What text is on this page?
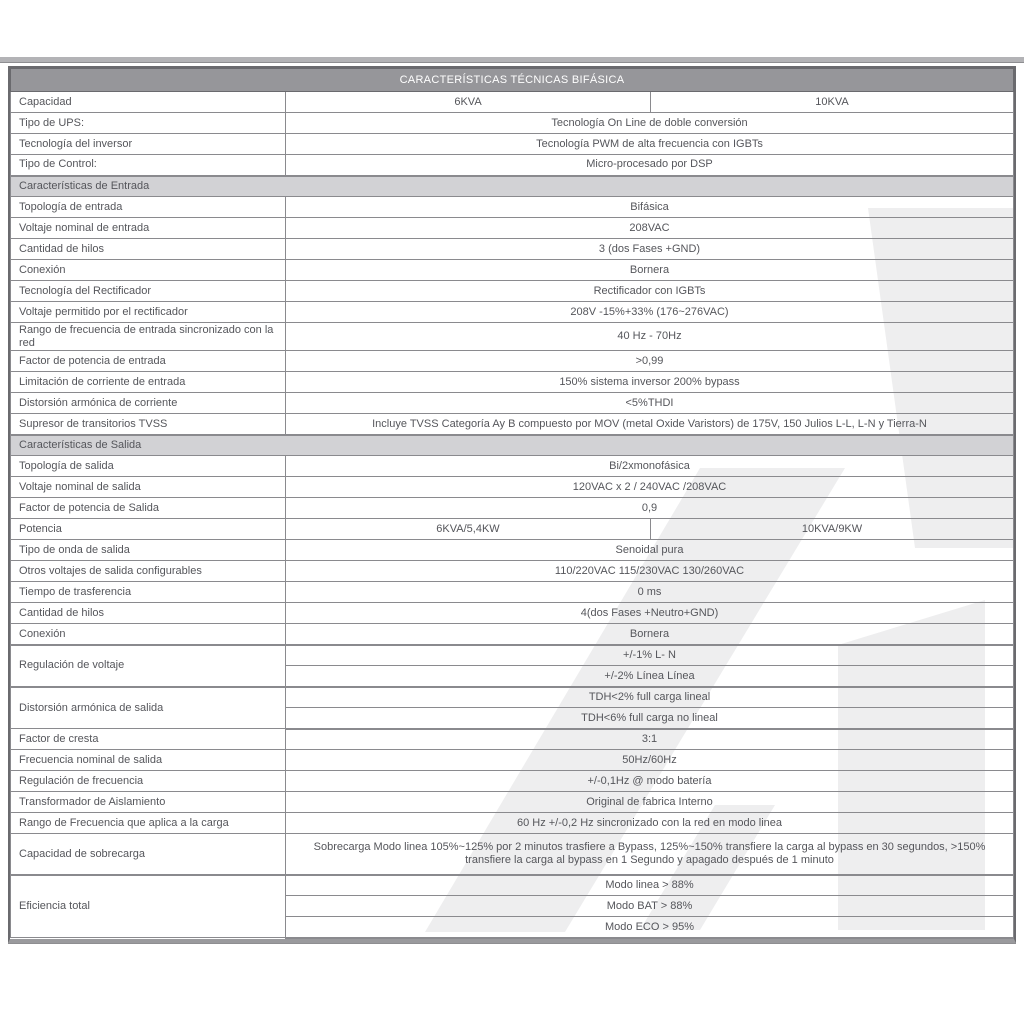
CARACTERÍSTICAS TÉCNICAS BIFÁSICA		
Capacidad	6KVA	10KVA
Tipo de UPS:	Tecnología On Line de doble conversión	
Tecnología del inversor	Tecnología PWM de alta frecuencia con IGBTs	
Tipo de Control:	Micro-procesado por DSP	
Características de Entrada		
Topología de entrada	Bifásica	
Voltaje nominal de entrada	208VAC	
Cantidad de hilos	3 (dos Fases +GND)	
Conexión	Bornera	
Tecnología del Rectificador	Rectificador con IGBTs	
Voltaje permitido por el rectificador	208V -15%+33% (176~276VAC)	
Rango de frecuencia de entrada sincronizado con la red	40 Hz - 70Hz	
Factor de potencia de entrada	>0,99	
Limitación de corriente de entrada	150% sistema inversor 200% bypass	
Distorsión armónica de corriente	<5%THDI	
Supresor de transitorios TVSS	Incluye TVSS Categoría Ay B compuesto por MOV (metal Oxide Varistors) de 175V, 150 Julios L-L, L-N y Tierra-N	
Características de Salida		
Topología de salida	Bi/2xmonofásica	
Voltaje nominal de salida	120VAC x 2 / 240VAC /208VAC	
Factor de potencia de Salida	0,9	
Potencia	6KVA/5,4KW	10KVA/9KW
Tipo de onda de salida	Senoidal pura	
Otros voltajes de salida configurables	110/220VAC 115/230VAC 130/260VAC	
Tiempo de trasferencia	0 ms	
Cantidad de hilos	4(dos Fases +Neutro+GND)	
Conexión	Bornera	
Regulación de voltaje	+/-1% L- N	
	+/-2% Línea Línea	
Distorsión armónica de salida	TDH<2% full carga lineal	
	TDH<6% full carga no lineal	
Factor de cresta	3:1	
Frecuencia nominal de salida	50Hz/60Hz	
Regulación de frecuencia	+/-0,1Hz @ modo batería	
Transformador de Aislamiento	Original de fabrica Interno	
Rango de Frecuencia que aplica a la carga	60 Hz +/-0,2 Hz sincronizado con la red en modo linea	
Capacidad de sobrecarga	Sobrecarga Modo linea 105%~125% por 2 minutos trasfiere a Bypass, 125%~150% transfiere la carga al bypass en 30 segundos, >150% transfiere la carga al bypass en 1 Segundo y apagado después de 1 minuto	
Eficiencia total	Modo linea > 88%	
	Modo BAT > 88%	
	Modo ECO > 95%	
